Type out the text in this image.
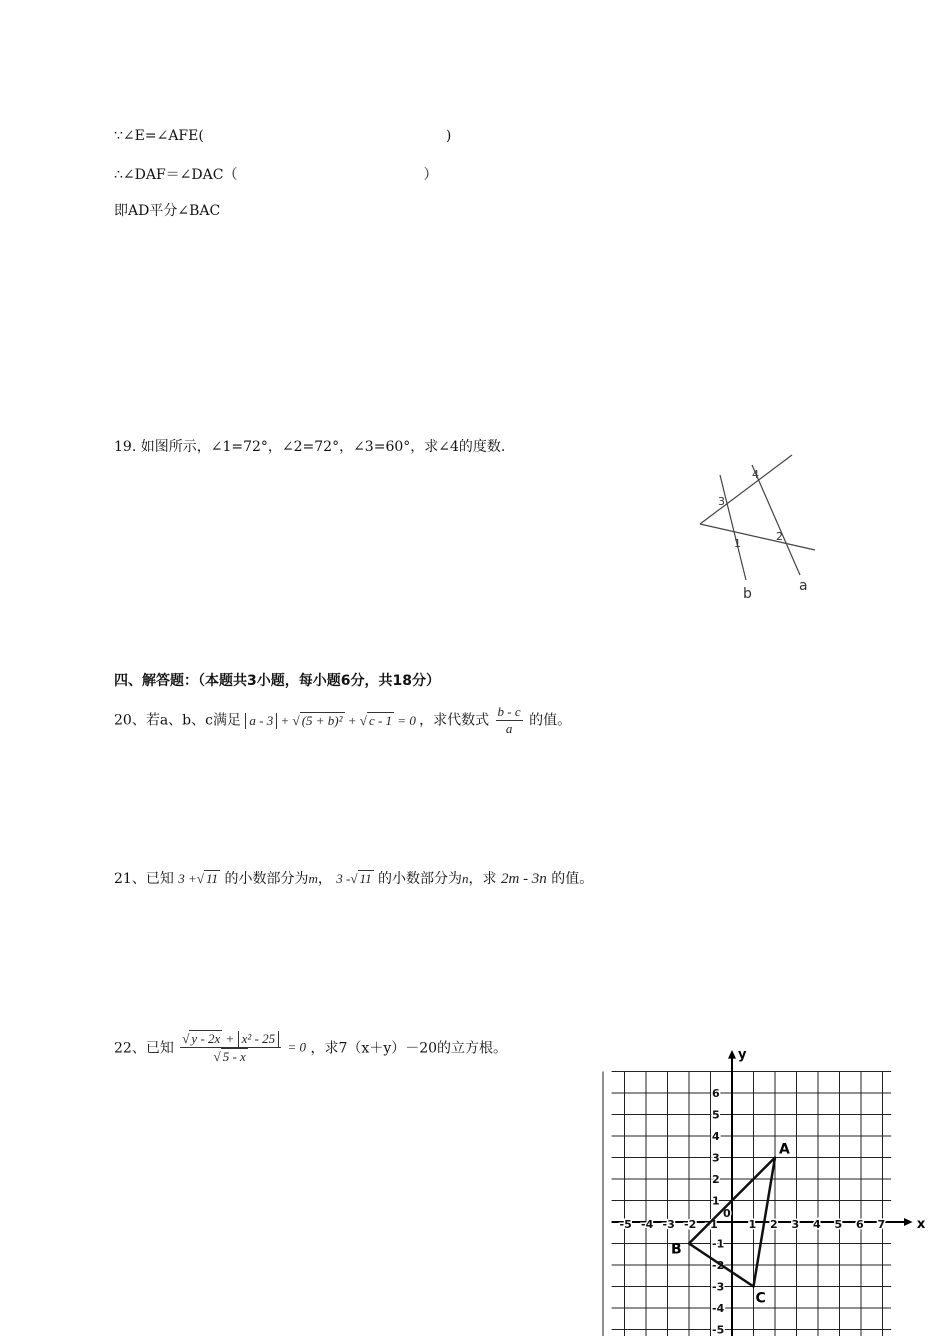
∵∠E=∠AFE(	)
∴∠DAF＝∠DAC（	）
即AD平分∠BAC
19. 如图所示，∠1=72°，∠2=72°，∠3=60°，求∠4的度数.
3
4
1
2
b	a
四、解答题：（本题共3小题，每小题6分，共18分）
20、若a、b、c满足 a - 3 + √ (5 + b)² + √ c - 1 = 0 ，求代数式 $\frac{b - c}{a}$ 的值。
21、已知 3 +√ 11 的小数部分为m， 3 -√ 11 的小数部分为n，求 2m - 3n 的值。
22、已知 $\frac{\text{√ y - 2x + x² - 25}}{√ 5 - x} = 0$ ，求7（x＋y）－20的立方根。
x
y
-5 -4 -3 -2 -1
0
1 2 3 4 5 6 7
6
5
4
3
2
1
-1
-2
-3
-4
-5
A
B
C
